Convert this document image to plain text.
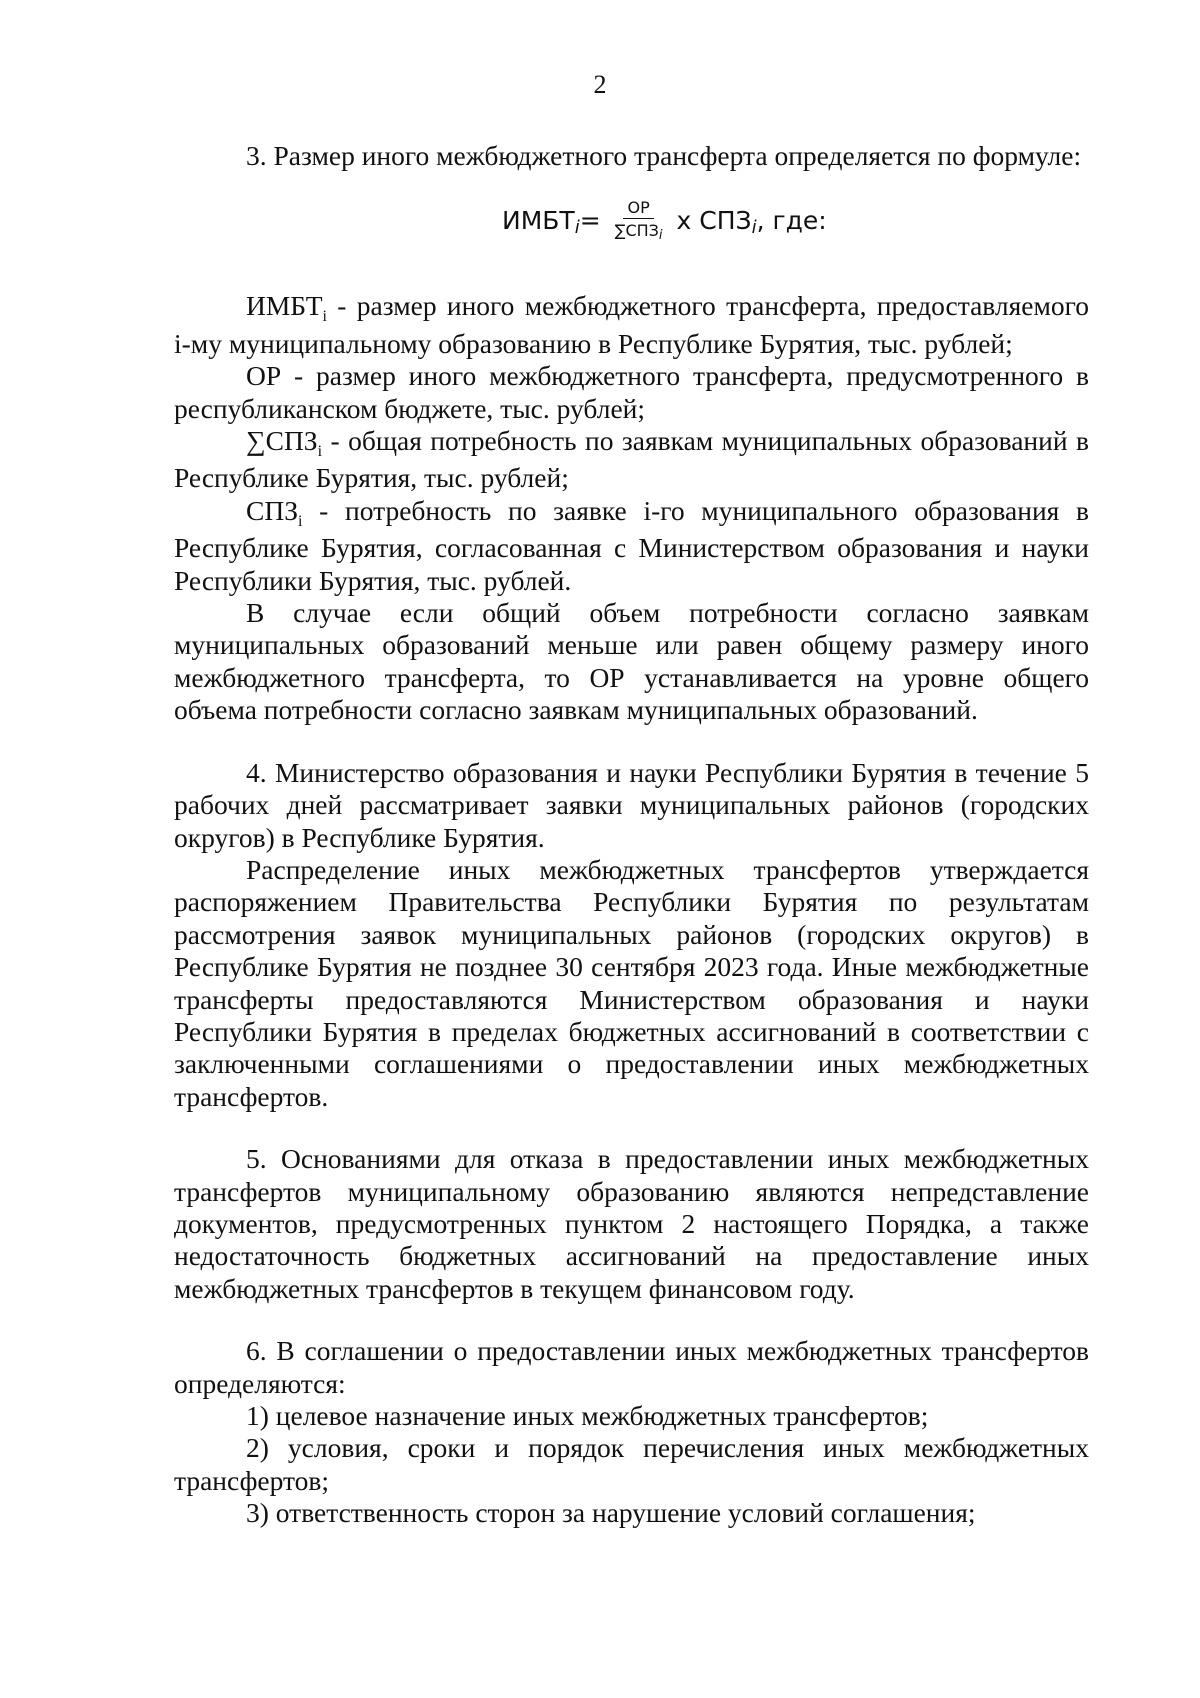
2

3. Размер иного межбюджетного трансферта определяется по формуле:

ИМБТ $i = \frac{ОР}{\text{∑СПЗi}}$ х СПЗ i , где:

$ИМБТ_i$ - размер иного межбюджетного трансферта, предоставляемого i-му муниципальному образованию в Республике Бурятия, тыс. рублей;

ОР - размер иного межбюджетного трансферта, предусмотренного в республиканском бюджете, тыс. рублей;

$\sum СПЗ_i$ - общая потребность по заявкам муниципальных образований в Республике Бурятия, тыс. рублей;

$СПЗ_i$ - потребность по заявке i-го муниципального образования в Республике Бурятия, согласованная с Министерством образования и науки Республики Бурятия, тыс. рублей.

В случае если общий объем потребности согласно заявкам муниципальных образований меньше или равен общему размеру иного межбюджетного трансферта, то ОР устанавливается на уровне общего объема потребности согласно заявкам муниципальных образований.

4. Министерство образования и науки Республики Бурятия в течение 5 рабочих дней рассматривает заявки муниципальных районов (городских округов) в Республике Бурятия.

Распределение иных межбюджетных трансфертов утверждается распоряжением Правительства Республики Бурятия по результатам рассмотрения заявок муниципальных районов (городских округов) в Республике Бурятия не позднее 30 сентября 2023 года. Иные межбюджетные трансферты предоставляются Министерством образования и науки Республики Бурятия в пределах бюджетных ассигнований в соответствии с заключенными соглашениями о предоставлении иных межбюджетных трансфертов.

5. Основаниями для отказа в предоставлении иных межбюджетных трансфертов муниципальному образованию являются непредставление документов, предусмотренных пунктом 2 настоящего Порядка, а также недостаточность бюджетных ассигнований на предоставление иных межбюджетных трансфертов в текущем финансовом году.

6. В соглашении о предоставлении иных межбюджетных трансфертов определяются:

1) целевое назначение иных межбюджетных трансфертов;

2) условия, сроки и порядок перечисления иных межбюджетных трансфертов;

3) ответственность сторон за нарушение условий соглашения;
